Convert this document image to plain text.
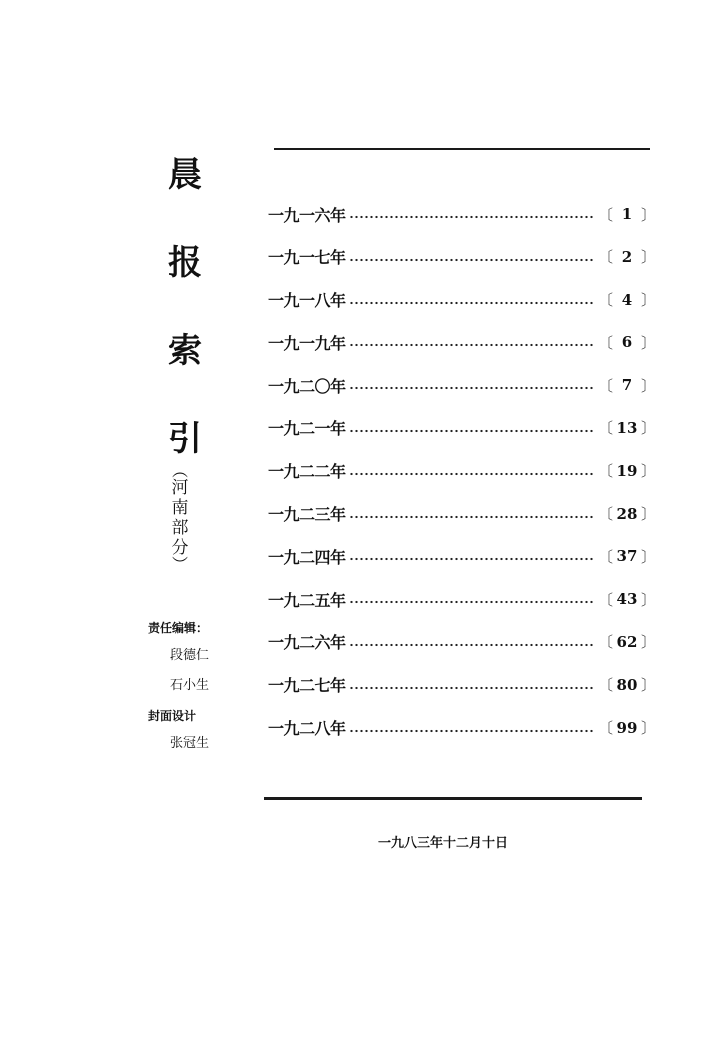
晨
报
索
引
︵
河
南
部
分
︶
责任编辑：
段德仁
石小生
封面设计
张冠生
一九一六年	〔 1 〕
一九一七年	〔 2 〕
一九一八年	〔 4 〕
一九一九年	〔 6 〕
一九二〇年	〔 7 〕
一九二一年	〔 13 〕
一九二二年	〔 19 〕
一九二三年	〔 28 〕
一九二四年	〔 37 〕
一九二五年	〔 43 〕
一九二六年	〔 62 〕
一九二七年	〔 80 〕
一九二八年	〔 99 〕
一九八三年十二月十日
